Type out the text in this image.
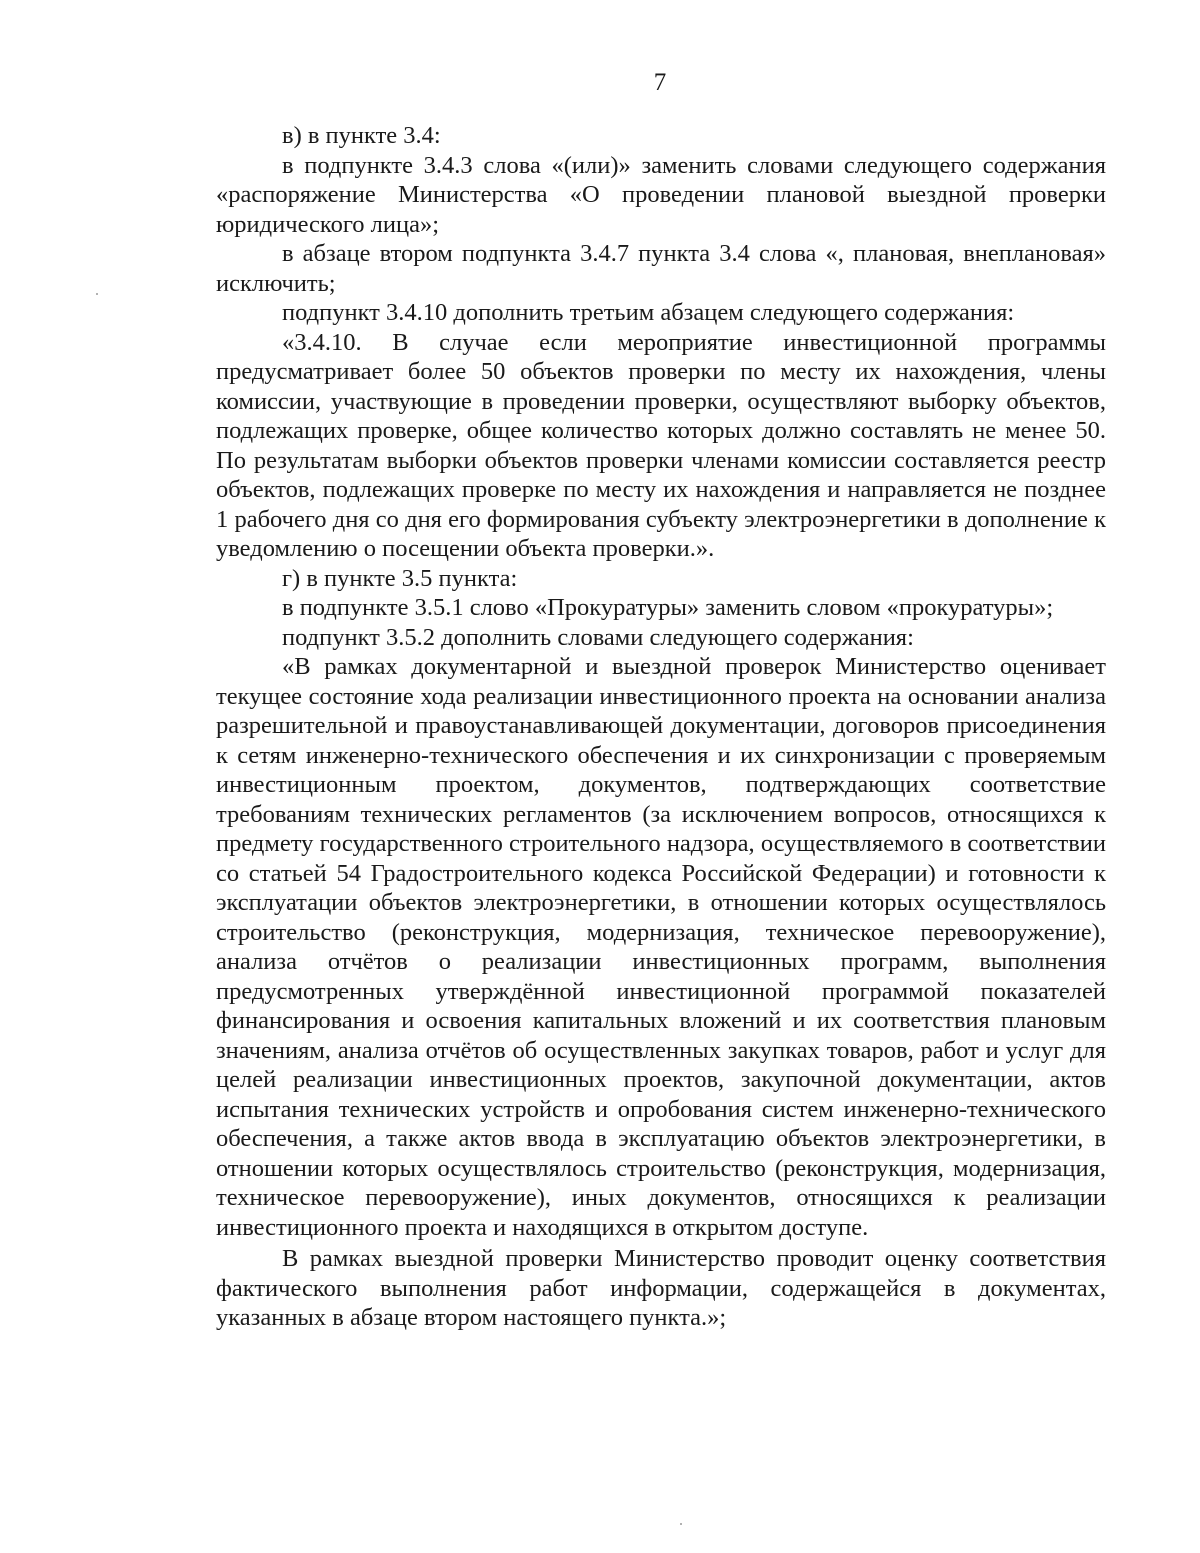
7

в) в пункте 3.4:

в подпункте 3.4.3 слова «(или)» заменить словами следующего содержания «распоряжение Министерства «О проведении плановой выездной проверки юридического лица»;

в абзаце втором подпункта 3.4.7 пункта 3.4 слова «, плановая, внеплановая» исключить;

подпункт 3.4.10 дополнить третьим абзацем следующего содержания:

«3.4.10. В случае если мероприятие инвестиционной программы предусматривает более 50 объектов проверки по месту их нахождения, члены комиссии, участвующие в проведении проверки, осуществляют выборку объектов, подлежащих проверке, общее количество которых должно составлять не менее 50. По результатам выборки объектов проверки членами комиссии составляется реестр объектов, подлежащих проверке по месту их нахождения и направляется не позднее 1 рабочего дня со дня его формирования субъекту электроэнергетики в дополнение к уведомлению о посещении объекта проверки.».

г) в пункте 3.5 пункта:

в подпункте 3.5.1 слово «Прокуратуры» заменить словом «прокуратуры»;

подпункт 3.5.2 дополнить словами следующего содержания:

«В рамках документарной и выездной проверок Министерство оценивает текущее состояние хода реализации инвестиционного проекта на основании анализа разрешительной и правоустанавливающей документации, договоров присоединения к сетям инженерно-технического обеспечения и их синхронизации с проверяемым инвестиционным проектом, документов, подтверждающих соответствие требованиям технических регламентов (за исключением вопросов, относящихся к предмету государственного строительного надзора, осуществляемого в соответствии со статьей 54 Градостроительного кодекса Российской Федерации) и готовности к эксплуатации объектов электроэнергетики, в отношении которых осуществлялось строительство (реконструкция, модернизация, техническое перевооружение), анализа отчётов о реализации инвестиционных программ, выполнения предусмотренных утверждённой инвестиционной программой показателей финансирования и освоения капитальных вложений и их соответствия плановым значениям, анализа отчётов об осуществленных закупках товаров, работ и услуг для целей реализации инвестиционных проектов, закупочной документации, актов испытания технических устройств и опробования систем инженерно-технического обеспечения, а также актов ввода в эксплуатацию объектов электроэнергетики, в отношении которых осуществлялось строительство (реконструкция, модернизация, техническое перевооружение), иных документов, относящихся к реализации инвестиционного проекта и находящихся в открытом доступе.

В рамках выездной проверки Министерство проводит оценку соответствия фактического выполнения работ информации, содержащейся в документах, указанных в абзаце втором настоящего пункта.»;
